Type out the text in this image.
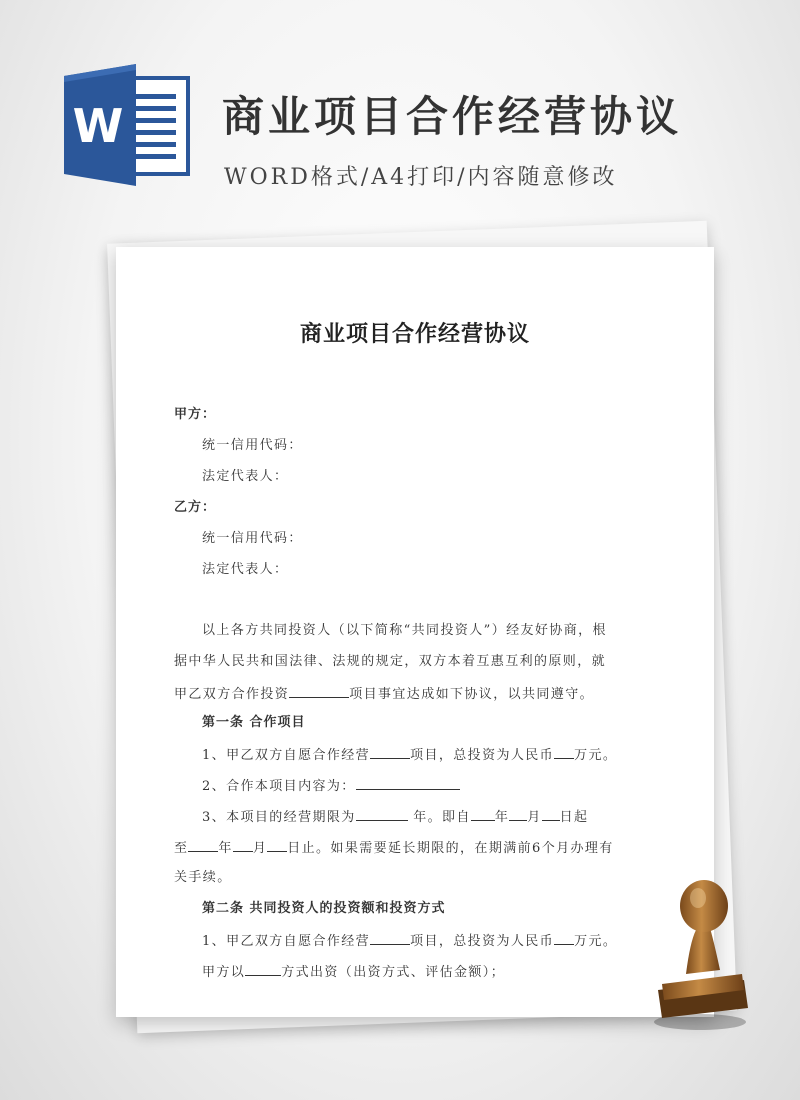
W 商业项目合作经营协议
WORD格式/A4打印/内容随意修改
商业项目合作经营协议
甲方：
统一信用代码：
法定代表人：
乙方：
统一信用代码：
法定代表人：
以上各方共同投资人（以下简称“共同投资人”）经友好协商，根
据中华人民共和国法律、法规的规定，双方本着互惠互利的原则，就
甲乙双方合作投资	项目事宜达成如下协议，以共同遵守。
第一条 合作项目
1、甲乙双方自愿合作经营	项目，总投资为人民币 万元。
2、合作本项目内容为：
3、本项目的经营期限为	年。即自 年 月 日起
至 年 月 日止。如果需要延长期限的，在期满前6个月办理有
关手续。
第二条 共同投资人的投资额和投资方式
1、甲乙双方自愿合作经营	项目，总投资为人民币 万元。
甲方以	方式出资（出资方式、评估金额）；
